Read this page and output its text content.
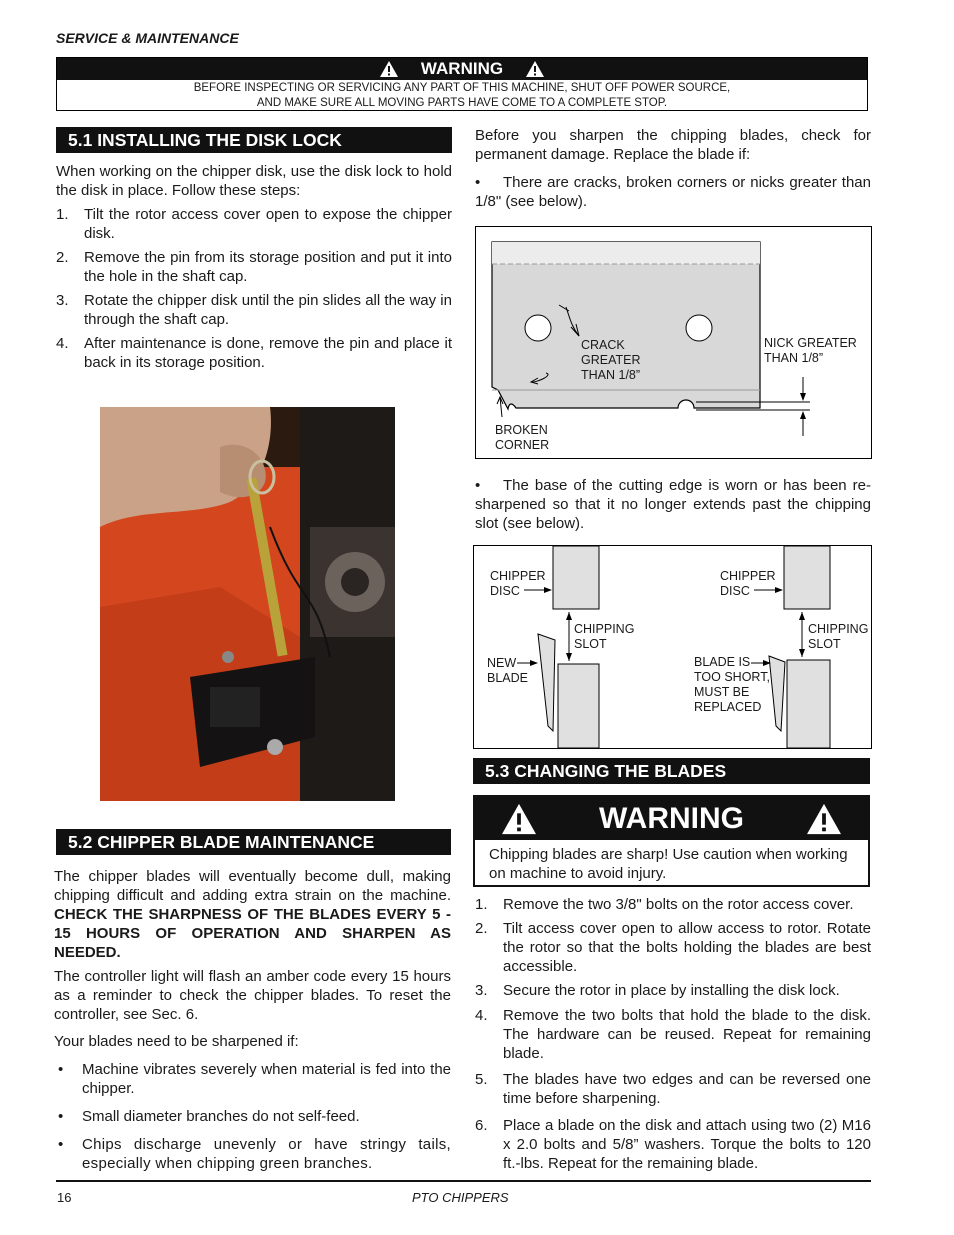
SERVICE & MAINTENANCE
WARNING
BEFORE INSPECTING OR SERVICING ANY PART OF THIS MACHINE, SHUT OFF POWER SOURCE,
AND MAKE SURE ALL MOVING PARTS HAVE COME TO A COMPLETE STOP.
5.1 INSTALLING THE DISK LOCK
When working on the chipper disk, use the disk lock to hold the disk in place. Follow these steps:
1. Tilt the rotor access cover open to expose the chipper disk.
2. Remove the pin from its storage position and put it into the hole in the shaft cap.
3. Rotate the chipper disk until the pin slides all the way in through the shaft cap.
4. After maintenance is done, remove the pin and place it back in its storage position.
5.2 CHIPPER BLADE MAINTENANCE
The chipper blades will eventually become dull, making chipping difficult and adding extra strain on the machine. CHECK THE SHARPNESS OF THE BLADES EVERY 5 - 15 HOURS OF OPERATION AND SHARPEN AS NEEDED.
The controller light will flash an amber code every 15 hours as a reminder to check the chipper blades. To reset the controller, see Sec. 6.
Your blades need to be sharpened if:
• Machine vibrates severely when material is fed into the chipper.
• Small diameter branches do not self-feed.
• Chips discharge unevenly or have stringy tails, especially when chipping green branches.
Before you sharpen the chipping blades, check for permanent damage. Replace the blade if:
•	There are cracks, broken corners or nicks greater than 1/8" (see below).
CRACK
GREATER
THAN 1/8”
NICK GREATER
THAN 1/8”
BROKEN
CORNER
•	The base of the cutting edge is worn or has been re-sharpened so that it no longer extends past the chipping slot (see below).
CHIPPER
DISC
CHIPPING
SLOT
NEW
BLADE
CHIPPER
DISC
CHIPPING
SLOT
BLADE IS
TOO SHORT,
MUST BE
REPLACED
5.3 CHANGING THE BLADES
WARNING
Chipping blades are sharp! Use caution when working on machine to avoid injury.
1. Remove the two 3/8" bolts on the rotor access cover.
2. Tilt access cover open to allow access to rotor. Rotate the rotor so that the bolts holding the blades are best accessible.
3. Secure the rotor in place by installing the disk lock.
4. Remove the two bolts that hold the blade to the disk. The hardware can be reused. Repeat for remaining blade.
5. The blades have two edges and can be reversed one time before sharpening.
6. Place a blade on the disk and attach using two (2) M16 x 2.0 bolts and 5/8” washers. Torque the bolts to 120 ft.-lbs. Repeat for the remaining blade.
16	PTO CHIPPERS
